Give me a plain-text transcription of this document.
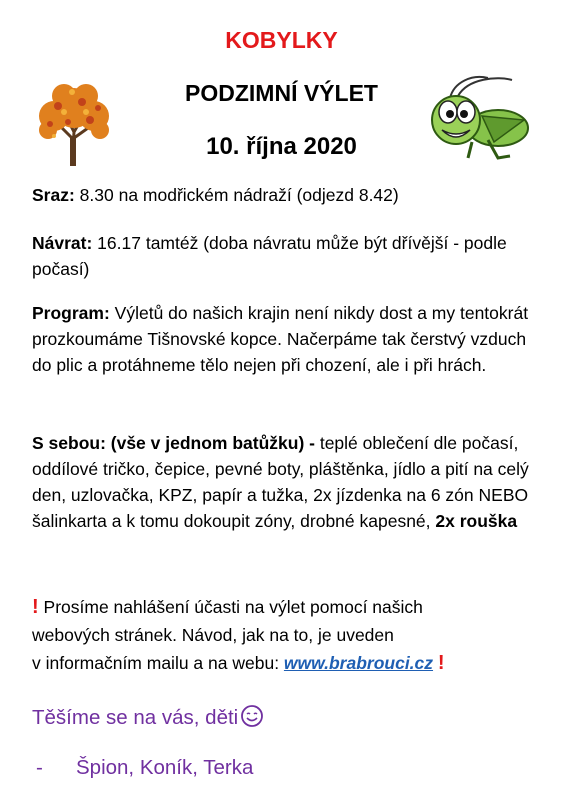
KOBYLKY
PODZIMNÍ VÝLET
10. října 2020
Sraz: 8.30 na modřickém nádraží (odjezd 8.42)
Návrat: 16.17 tamtéž (doba návratu může být dřívější - podle počasí)
Program: Výletů do našich krajin není nikdy dost a my tentokrát prozkoumáme Tišnovské kopce. Načerpáme tak čerstvý vzduch do plic a protáhneme tělo nejen při chození, ale i při hrách.
S sebou: (vše v jednom batůžku) - teplé oblečení dle počasí, oddílové tričko, čepice, pevné boty, pláštěnka, jídlo a pití na celý den, uzlovačka, KPZ, papír a tužka, 2x jízdenka na 6 zón NEBO šalinkarta a k tomu dokoupit zóny, drobné kapesné, 2x rouška
! Prosíme nahlášení účasti na výlet pomocí našich
webových stránek. Návod, jak na to, je uveden
v informačním mailu a na webu: www.brabrouci.cz !
Těšíme se na vás, děti
- Špion, Koník, Terka
